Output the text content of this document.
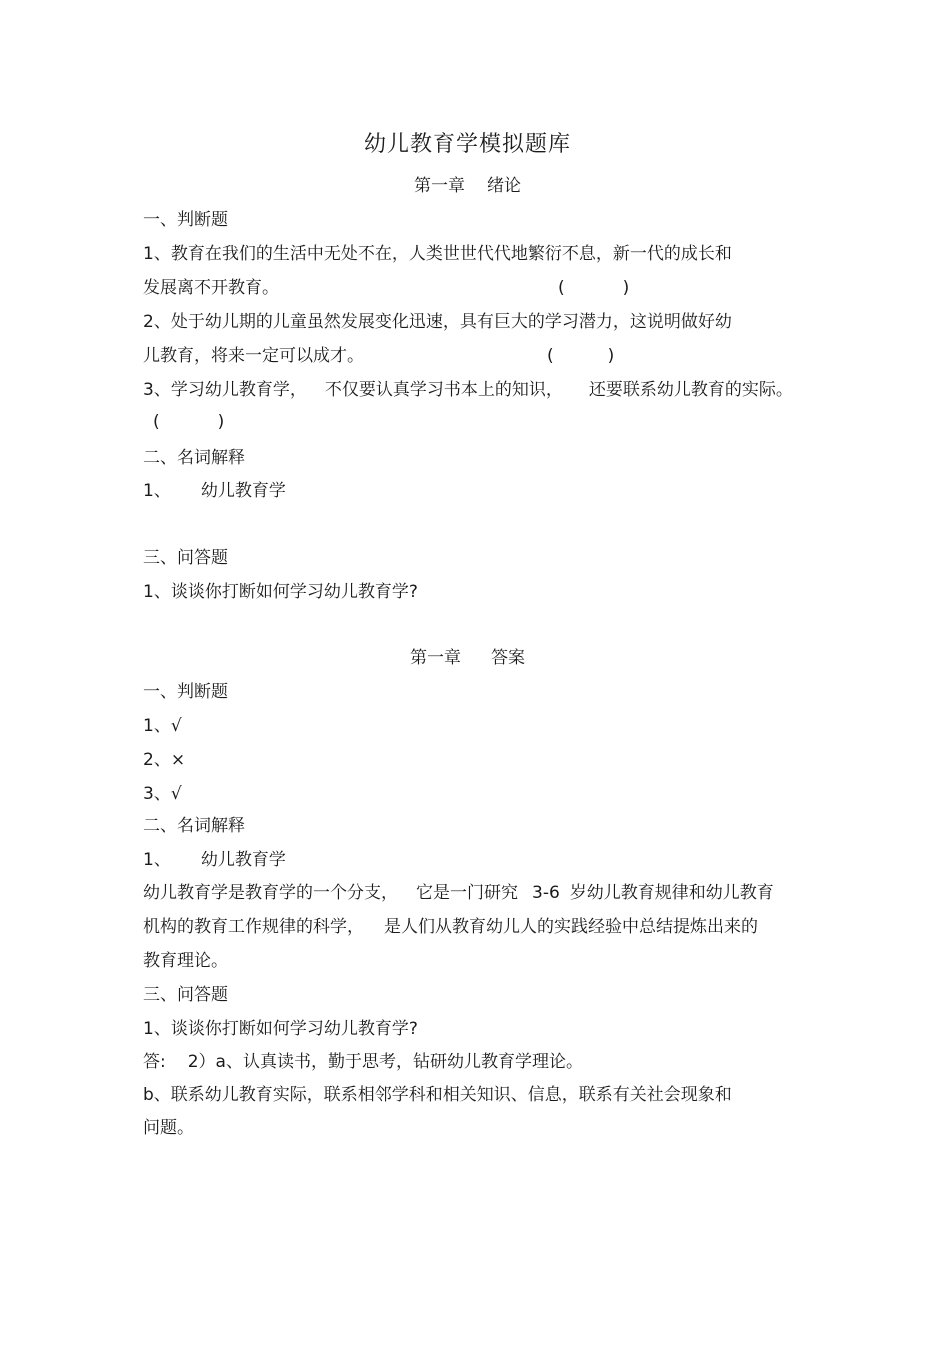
幼儿教育学模拟题库
第一章 绪论
一、判断题
1、教育在我们的生活中无处不在，人类世世代代地繁衍不息，新一代的成长和
发展离不开教育。	(	)
2、处于幼儿期的儿童虽然发展变化迅速，具有巨大的学习潜力，这说明做好幼
儿教育，将来一定可以成才。	(	)
3、学习幼儿教育学， 不仅要认真学习书本上的知识， 还要联系幼儿教育的实际。
(	)
二、名词解释
1、 幼儿教育学
三、问答题
1、谈谈你打断如何学习幼儿教育学?
第一章 答案
一、判断题
1、√
2、×
3、√
二、名词解释
1、 幼儿教育学
幼儿教育学是教育学的一个分支， 它是一门研究 3-6 岁幼儿教育规律和幼儿教育
机构的教育工作规律的科学， 是人们从教育幼儿人的实践经验中总结提炼出来的
教育理论。
三、问答题
1、谈谈你打断如何学习幼儿教育学?
答: 2）a、认真读书，勤于思考，钻研幼儿教育学理论。
b、联系幼儿教育实际，联系相邻学科和相关知识、信息，联系有关社会现象和
问题。
